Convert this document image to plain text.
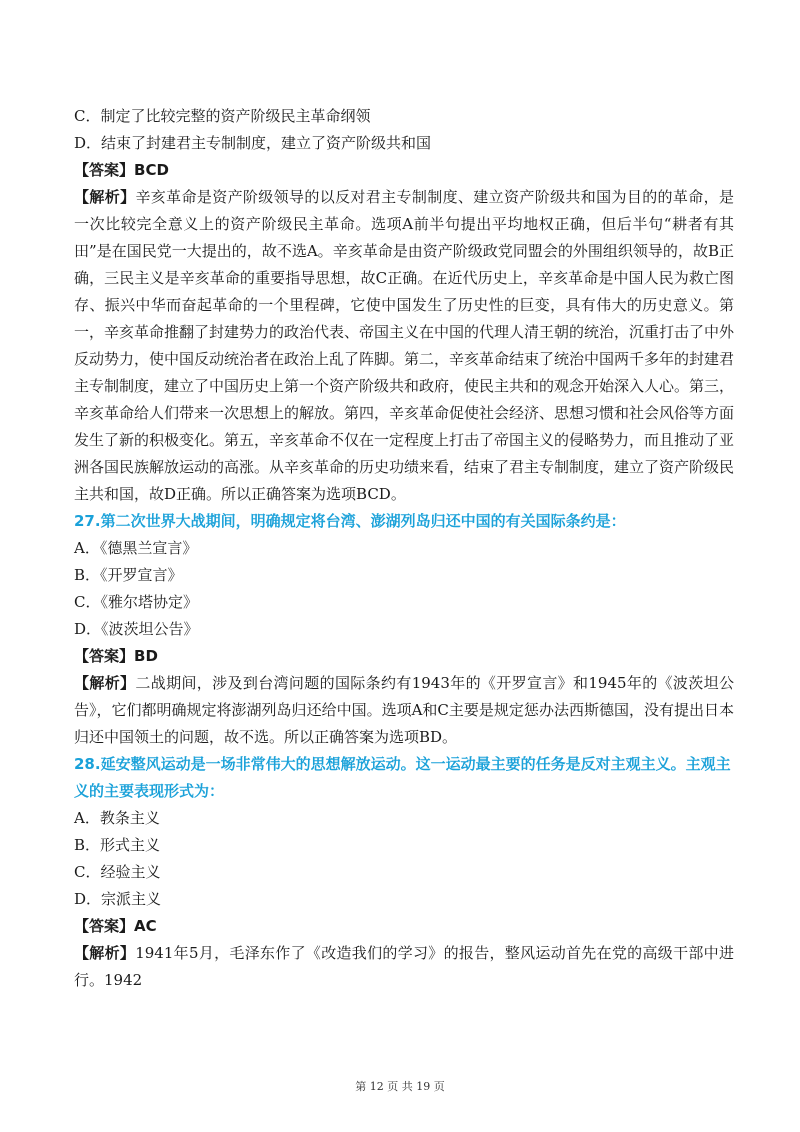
C．制定了比较完整的资产阶级民主革命纲领
D．结束了封建君主专制制度，建立了资产阶级共和国
【答案】BCD

【解析】辛亥革命是资产阶级领导的以反对君主专制制度、建立资产阶级共和国为目的的革命，是一次比较完全意义上的资产阶级民主革命。选项A前半句提出平均地权正确，但后半句“耕者有其田”是在国民党一大提出的，故不选A。辛亥革命是由资产阶级政党同盟会的外围组织领导的，故B正确，三民主义是辛亥革命的重要指导思想，故C正确。在近代历史上，辛亥革命是中国人民为救亡图存、振兴中华而奋起革命的一个里程碑，它使中国发生了历史性的巨变，具有伟大的历史意义。第一，辛亥革命推翻了封建势力的政治代表、帝国主义在中国的代理人清王朝的统治，沉重打击了中外反动势力，使中国反动统治者在政治上乱了阵脚。第二，辛亥革命结束了统治中国两千多年的封建君主专制制度，建立了中国历史上第一个资产阶级共和政府，使民主共和的观念开始深入人心。第三，辛亥革命给人们带来一次思想上的解放。第四，辛亥革命促使社会经济、思想习惯和社会风俗等方面发生了新的积极变化。第五，辛亥革命不仅在一定程度上打击了帝国主义的侵略势力，而且推动了亚洲各国民族解放运动的高涨。从辛亥革命的历史功绩来看，结束了君主专制制度，建立了资产阶级民主共和国，故D正确。所以正确答案为选项BCD。

27.第二次世界大战期间，明确规定将台湾、澎湖列岛归还中国的有关国际条约是：

A．《德黑兰宣言》
B．《开罗宣言》
C．《雅尔塔协定》
D．《波茨坦公告》
【答案】BD

【解析】二战期间，涉及到台湾问题的国际条约有1943年的《开罗宣言》和1945年的《波茨坦公告》，它们都明确规定将澎湖列岛归还给中国。选项A和C主要是规定惩办法西斯德国，没有提出日本归还中国领土的问题，故不选。所以正确答案为选项BD。

28.延安整风运动是一场非常伟大的思想解放运动。这一运动最主要的任务是反对主观主义。主观主义的主要表现形式为：

A．教条主义
B．形式主义
C．经验主义
D．宗派主义
【答案】AC

【解析】1941年5月，毛泽东作了《改造我们的学习》的报告，整风运动首先在党的高级干部中进行。1942

第 12 页 共 19 页
